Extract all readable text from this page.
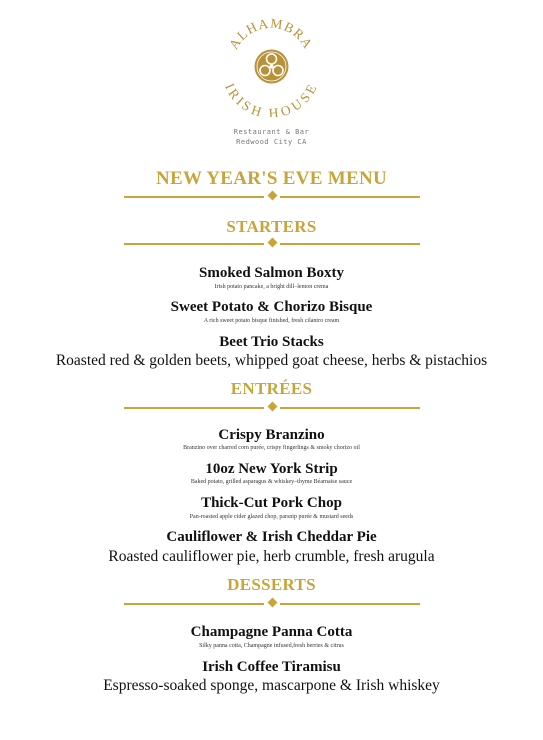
ALHAMBRA
IRISH HOUSE
Restaurant & Bar
Redwood City CA
NEW YEAR'S EVE MENU
STARTERS
Smoked Salmon Boxty
Irish potato pancake, a bright dill–lemon crema
Sweet Potato & Chorizo Bisque
A rich sweet potato bisque finished, fresh cilantro cream
Beet Trio Stacks
Roasted red & golden beets, whipped goat cheese, herbs & pistachios
ENTRÉES
Crispy Branzino
Branzino over charred corn purée, crispy fingerlings & smoky chorizo oil
10oz New York Strip
Baked potato, grilled asparagus & whiskey–thyme Béarnaise sauce
Thick-Cut Pork Chop
Pan-roasted apple cider glazed chop, parsnip purée & mustard seeds
Cauliflower & Irish Cheddar Pie
Roasted cauliflower pie, herb crumble, fresh arugula
DESSERTS
Champagne Panna Cotta
Silky panna cotta, Champagne infused,fresh berries & citrus
Irish Coffee Tiramisu
Espresso-soaked sponge, mascarpone & Irish whiskey
